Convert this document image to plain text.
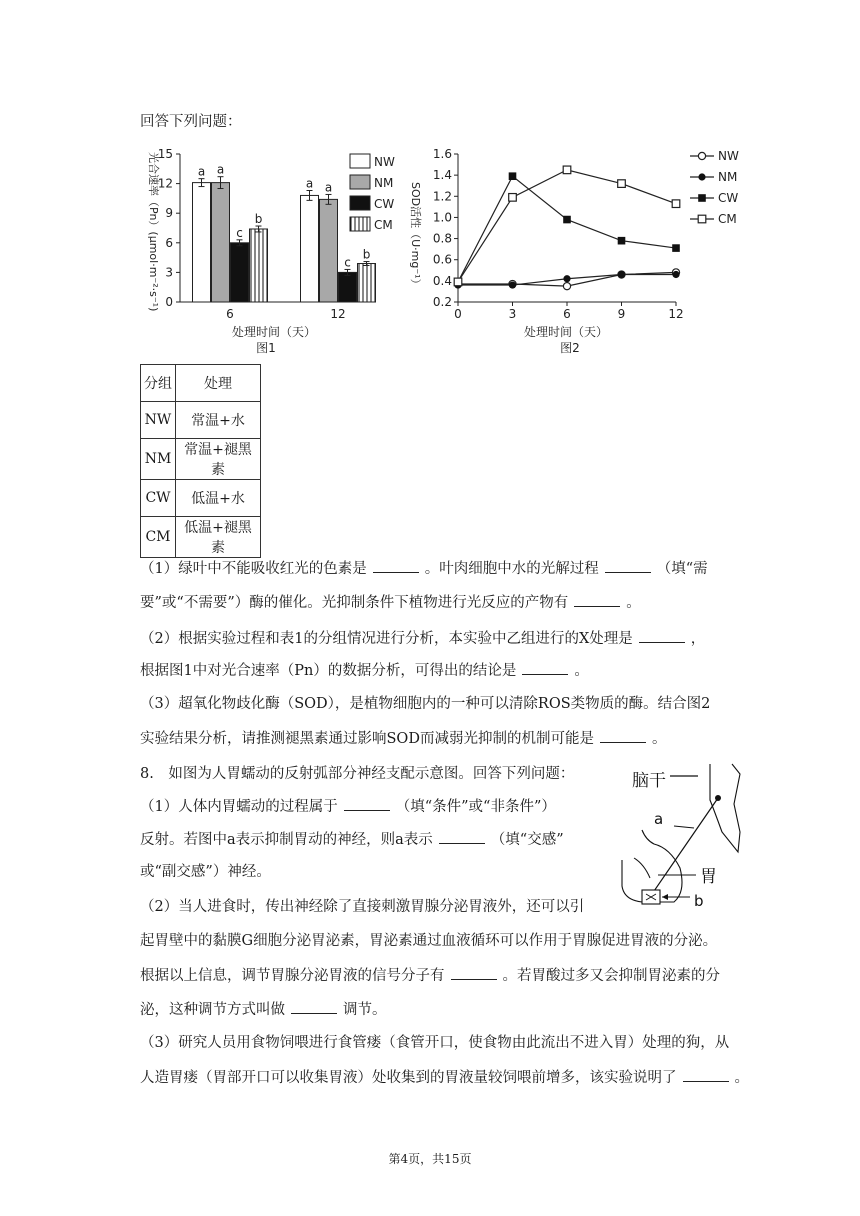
回答下列问题：
光合速率（Pn）(μmol·m⁻²·s⁻¹) 0
3
6
9
12
15
6	12
a a
c
b
a a
c
b
NW
NM
CW
CM
处理时间（天）
图1
SOD活性（U·mg⁻¹）
0.2
0.4
0.6
0.8
1.0
1.2
1.4
1.6
0	3	6	9	12
NW
NM
CW
CM
处理时间（天）
图2
分组	处理
NW	常温+水
NM	常温+褪黑素
CW	低温+水
CM	低温+褪黑素
（1）绿叶中不能吸收红光的色素是	。叶肉细胞中水的光解过程	（填“需
要”或“不需要”）酶的催化。光抑制条件下植物进行光反应的产物有	。
（2）根据实验过程和表1的分组情况进行分析，本实验中乙组进行的X处理是	，
根据图1中对光合速率（Pn）的数据分析，可得出的结论是	。
（3）超氧化物歧化酶（SOD），是植物细胞内的一种可以清除ROS类物质的酶。结合图2
实验结果分析，请推测褪黑素通过影响SOD而减弱光抑制的机制可能是	。
8.　如图为人胃蠕动的反射弧部分神经支配示意图。回答下列问题：
（1）人体内胃蠕动的过程属于	（填“条件”或“非条件”）
反射。若图中a表示抑制胃动的神经，则a表示	（填“交感”
或“副交感”）神经。
（2）当人进食时，传出神经除了直接刺激胃腺分泌胃液外，还可以引
起胃壁中的黏膜G细胞分泌胃泌素，胃泌素通过血液循环可以作用于胃腺促进胃液的分泌。
根据以上信息，调节胃腺分泌胃液的信号分子有	。若胃酸过多又会抑制胃泌素的分
泌，这种调节方式叫做	调节。
（3）研究人员用食物饲喂进行食管瘘（食管开口，使食物由此流出不进入胃）处理的狗，从
人造胃瘘（胃部开口可以收集胃液）处收集到的胃液量较饲喂前增多，该实验说明了	。
脑干
a
胃
b
第4页，共15页
